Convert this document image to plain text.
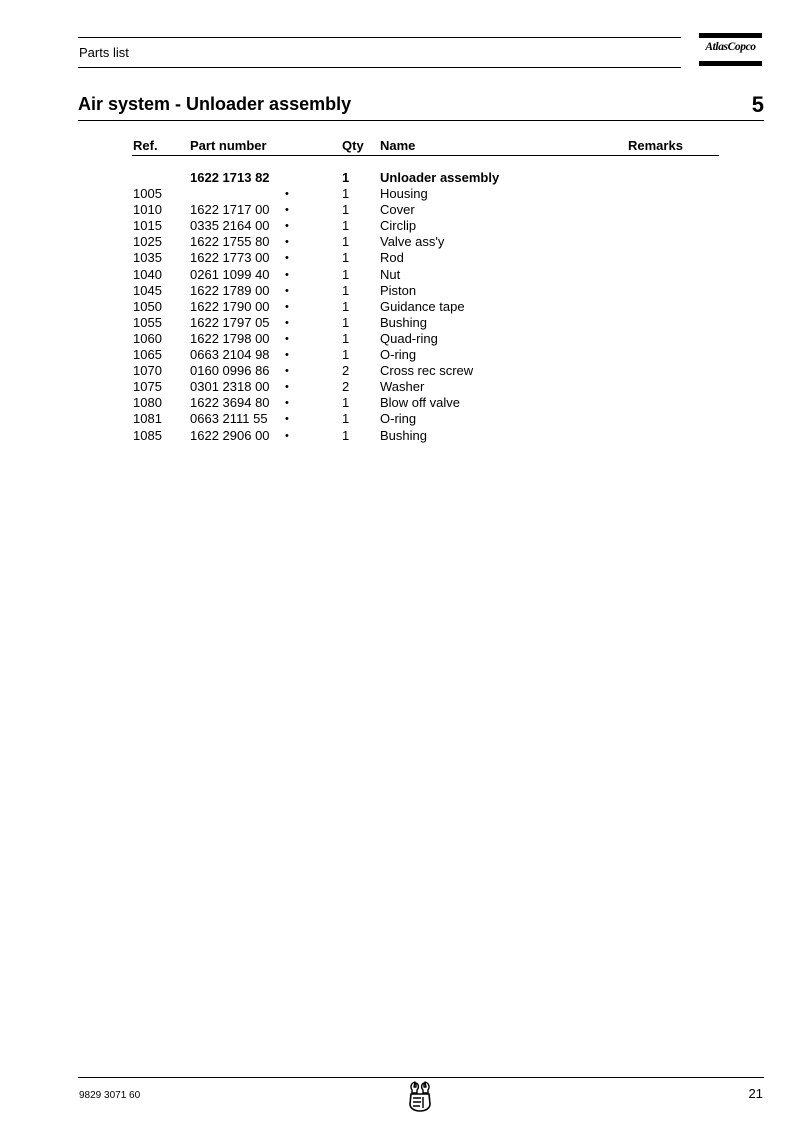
Parts list	AtlasCopco
Air system - Unloader assembly	5
Ref. Part number	Qty Name	Remarks
1622 1713 82	1 Unloader assembly
1005	•	1 Housing
1010 1622 1717 00 •	1 Cover
1015 0335 2164 00 •	1 Circlip
1025 1622 1755 80 •	1 Valve ass'y
1035 1622 1773 00 •	1 Rod
1040 0261 1099 40 •	1 Nut
1045 1622 1789 00 •	1 Piston
1050 1622 1790 00 •	1 Guidance tape
1055 1622 1797 05 •	1 Bushing
1060 1622 1798 00 •	1 Quad-ring
1065 0663 2104 98 •	1 O-ring
1070 0160 0996 86 •	2 Cross rec screw
1075 0301 2318 00 •	2 Washer
1080 1622 3694 80 •	1 Blow off valve
1081 0663 2111 55 •	1 O-ring
1085 1622 2906 00 •	1 Bushing
9829 3071 60	21
